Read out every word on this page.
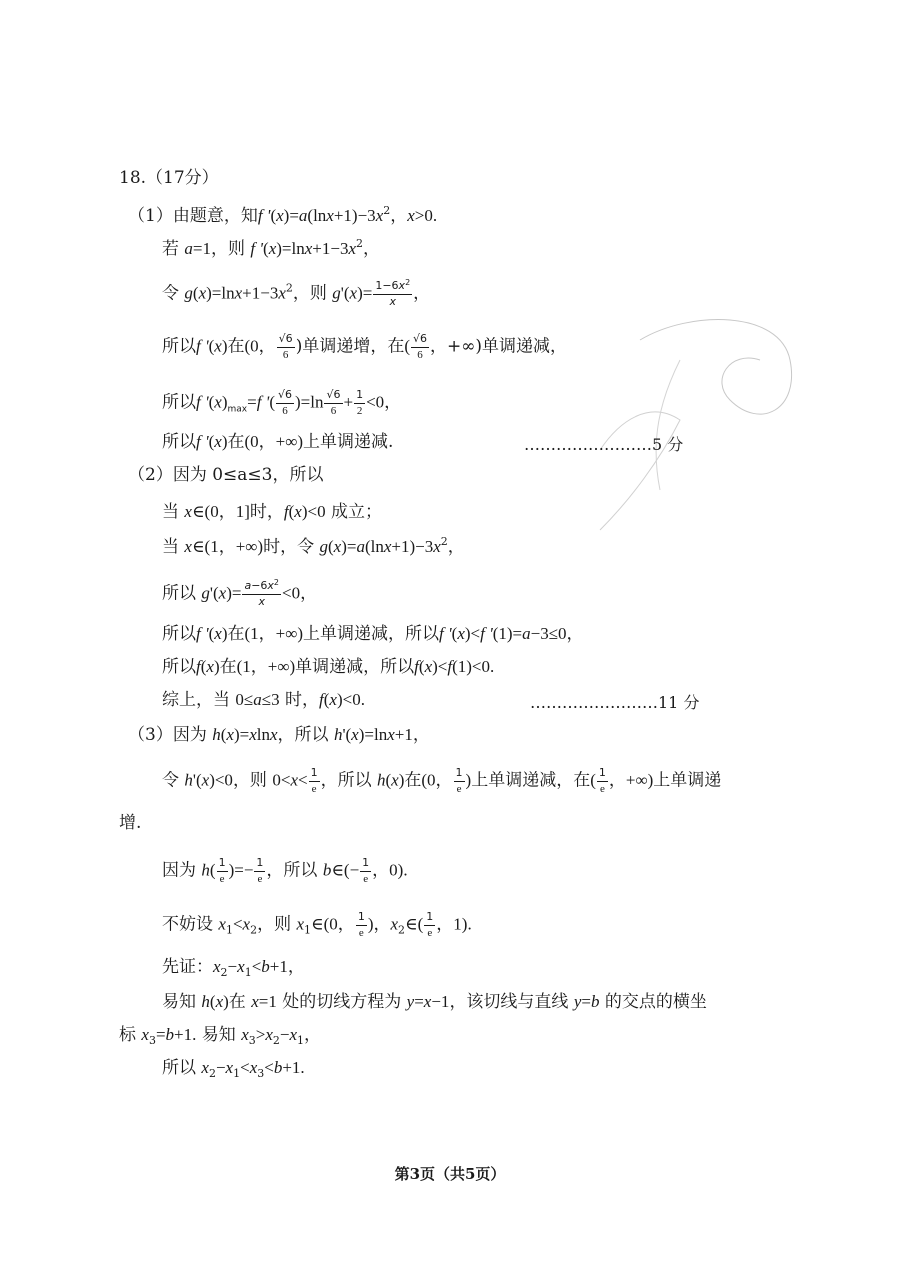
18.（17分）
（1）由题意，知f '$(x)=a(\ln x+1)-3x^2$，x>0.
若 a=1，则 f '$(x)=\ln x+1-3x^2$，
令 $g(x)=\ln x+1-3x^2$，则 $g'(x)= \frac{1-6x^2}{x}$ ，
所以f '(x)在(0， $\frac{√6}{6}$ )单调递增，在( $\frac{√6}{6}$ ，+∞)单调递减，
所以f '$(x)_{max}=f$ '( $\frac{√6}{6} )=\ln \frac{√6}{6} + \frac{1}{2} <0$，
所以f '(x)在(0，+∞)上单调递减.	……………………5 分
（2）因为 0≤a≤3，所以
当 x∈(0，1]时，f(x)<0 成立；
当 x∈(1，+∞)时，令 $g(x)=a(\ln x+1)-3x^2$，
所以 $g'(x)= \frac{a-6x^2}{x} <0$，
所以f '(x)在(1，+∞)上单调递减，所以f '(x)<f '(1)=a−3≤0，
所以f(x)在(1，+∞)单调递减，所以f(x)<f(1)<0.
综上，当 0≤a≤3 时，f(x)<0.	……………………11 分
（3）因为 h(x)=xlnx，所以 h'(x)=lnx+1，
令 h'(x)<0，则 $0<x< \frac{1}{e}$ ，所以 h(x)在(0， $\frac{1}{e}$ )上单调递减，在( $\frac{1}{e}$ ，+∞)上单调递
增.
因为 $h( \frac{1}{e}$ )=− $\frac{1}{e}$ ，所以 b∈(− $\frac{1}{e}$ ，0).
不妨设 $x_1<x_2$，则 $x_1\in(0$， $\frac{1}{e}$ )，$x_2\in( \frac{1}{e}$ ，1).
先证：$x_2-x_1<b+1$，
易知 h(x)在 x=1 处的切线方程为 y=x−1，该切线与直线 y=b 的交点的横坐
标 $x_3=b+1$. 易知 $x_3>x_2-x_1$，
所以 $x_2-x_1<x_3<b+1$.
第3页（共5页）
